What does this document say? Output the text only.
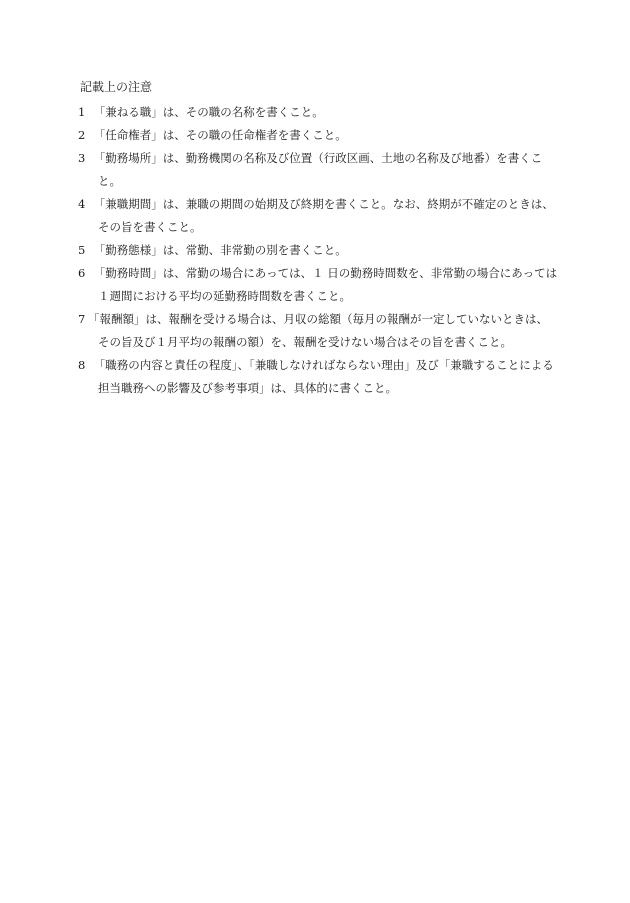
記載上の注意
1 　「兼ねる職」は、その職の名称を書くこと。
2 　「任命権者」は、その職の任命権者を書くこと。
3 　「勤務場所」は、勤務機関の名称及び位置（行政区画、土地の名称及び地番）を書くこと。
4 　「兼職期間」は、兼職の期間の始期及び終期を書くこと。なお、終期が不確定のときは、その旨を書くこと。
5 　「勤務態様」は、常勤、非常勤の別を書くこと。
6 　「勤務時間」は、常勤の場合にあっては、１ 日の勤務時間数を、非常勤の場合にあっては１週間における平均の延勤務時間数を書くこと。
7 「報酬額」は、報酬を受ける場合は、月収の総額（毎月の報酬が一定していないときは、その旨及び１月平均の報酬の額）を、報酬を受けない場合はその旨を書くこと。
8 　「職務の内容と責任の程度」、「兼職しなければならない理由」及び「兼職することによる担当職務への影響及び参考事項」は、具体的に書くこと。
